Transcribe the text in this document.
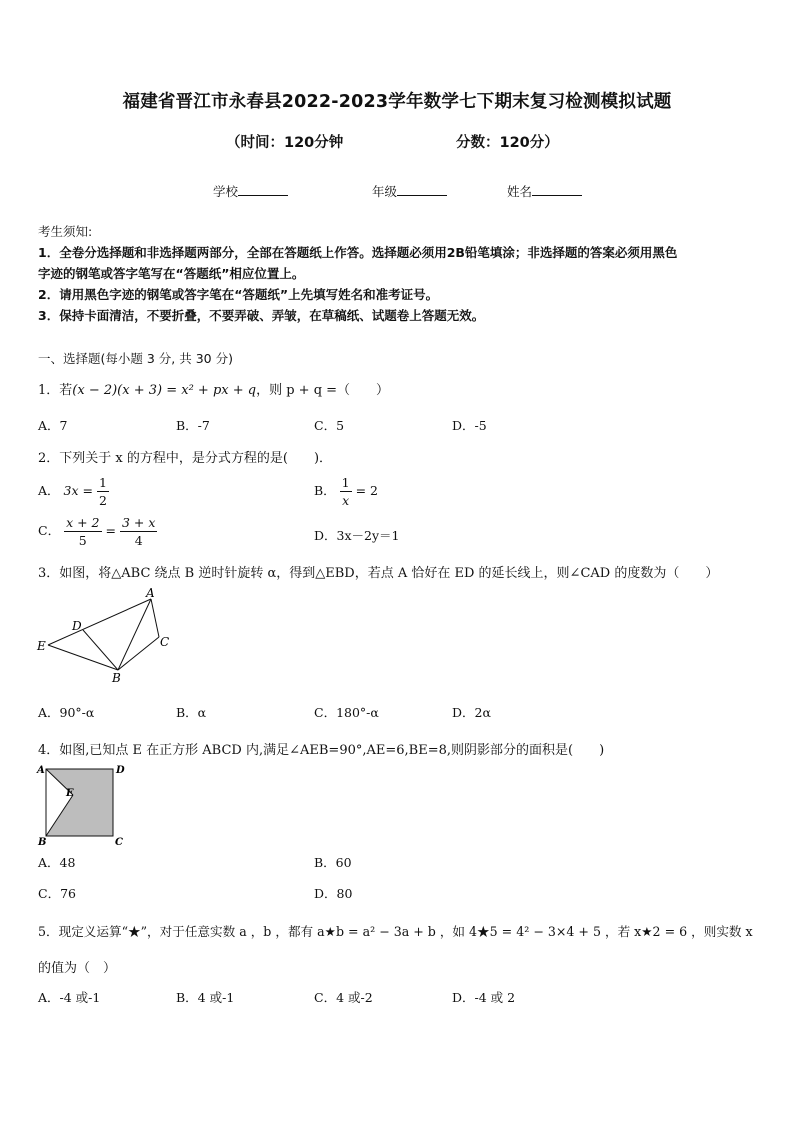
福建省晋江市永春县2022-2023学年数学七下期末复习检测模拟试题
（时间：120分钟	分数：120分）
学校	年级	姓名
考生须知:
1．全卷分选择题和非选择题两部分，全部在答题纸上作答。选择题必须用2B铅笔填涂；非选择题的答案必须用黑色
字迹的钢笔或答字笔写在“答题纸”相应位置上。
2．请用黑色字迹的钢笔或答字笔在“答题纸”上先填写姓名和准考证号。
3．保持卡面清洁，不要折叠，不要弄破、弄皱，在草稿纸、试题卷上答题无效。
一、选择题(每小题 3 分, 共 30 分)
1．若(x − 2)(x + 3) = x² + px + q，则 p + q =（　　）
A．7	B．-7	C．5	D．-5
2．下列关于 x 的方程中，是分式方程的是(　　)．
A． $3x = \frac{1}{2}$	B． $\frac{1}{x} = 2$
C． $\frac{x + 2}{5} = \frac{3 + x}{4}$	D．3x－2y＝1
3．如图，将△ABC 绕点 B 逆时针旋转 α，得到△EBD，若点 A 恰好在 ED 的延长线上，则∠CAD 的度数为（　　）
A
B
C
D
E
A．90°-α	B．α	C．180°-α	D．2α
4．如图,已知点 E 在正方形 ABCD 内,满足∠AEB=90°,AE=6,BE=8,则阴影部分的面积是(　　)
A	D
B	C
E
A．48	B．60
C．76	D．80
5．现定义运算“★”，对于任意实数 a ，b ，都有 a★b = a² − 3a + b ，如 4★5 = 4² − 3×4 + 5 ，若 x★2 = 6 ，则实数 x
的值为（　）
A．-4 或-1	B．4 或-1	C．4 或-2	D．-4 或 2
